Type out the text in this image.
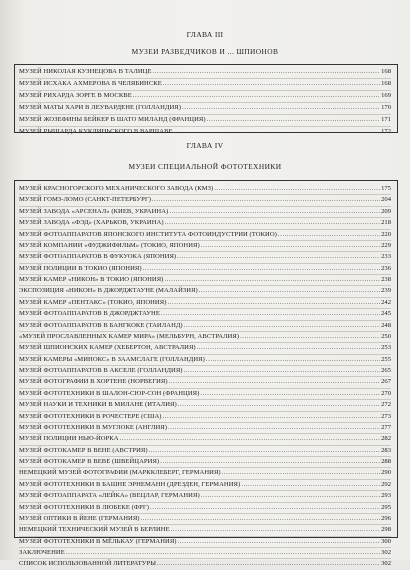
ГЛАВА III
МУЗЕИ РАЗВЕДЧИКОВ И ... ШПИОНОВ
МУЗЕЙ НИКОЛАЯ КУЗНЕЦОВА В ТАЛИЦЕ .....	168
МУЗЕЙ ИСХАКА АХМЕРОВА В ЧЕЛЯБИНСКЕ .....	168
МУЗЕЙ РИХАРДА ЗОРГЕ В МОСКВЕ .....	169
МУЗЕЙ МАТЫ ХАРИ В ЛЕУВАРДЕНЕ (ГОЛЛАНДИЯ) .....	170
МУЗЕЙ ЖОЗЕФИНЫ БЕЙКЕР В ШАТО МИЛАНД (ФРАНЦИЯ) .....	171
МУЗЕЙ РЫШАРДА КУКЛИНЬСКОГО В ВАРШАВЕ .....	172
ГЛАВА IV
МУЗЕИ СПЕЦИАЛЬНОЙ ФОТОТЕХНИКИ
МУЗЕЙ КРАСНОГОРСКОГО МЕХАНИЧЕСКОГО ЗАВОДА (КМЗ) .....	175
МУЗЕЙ ГОМЗ-ЛОМО (САНКТ-ПЕТЕРБУРГ) .....	204
МУЗЕЙ ЗАВОДА «АРСЕНАЛ» (КИЕВ, УКРАИНА) .....	209
МУЗЕЙ ЗАВОДА «ФЭД» (ХАРЬКОВ, УКРАИНА) .....	218
МУЗЕЙ ФОТОАППАРАТОВ ЯПОНСКОГО ИНСТИТУТА ФОТОИНДУСТРИИ (ТОКИО) .....	220
МУЗЕЙ КОМПАНИИ «ФУДЖИФИЛЬМ» (ТОКИО, ЯПОНИЯ) .....	229
МУЗЕЙ ФОТОАППАРАТОВ В ФУКУОКА (ЯПОНИЯ) .....	233
МУЗЕЙ ПОЛИЦИИ В ТОКИО (ЯПОНИЯ) .....	236
МУЗЕЙ КАМЕР «НИКОН» В ТОКИО (ЯПОНИЯ) .....	238
ЭКСПОЗИЦИЯ «НИКОН» В ДЖОРДЖТАУНЕ (МАЛАЙЗИЯ) .....	239
МУЗЕЙ КАМЕР «ПЕНТАКС» (ТОКИО, ЯПОНИЯ) .....	242
МУЗЕЙ ФОТОАППАРАТОВ В ДЖОРДЖТАУНЕ .....	245
МУЗЕЙ ФОТОАППАРАТОВ В БАНГКОКЕ (ТАИЛАНД) .....	248
«МУЗЕЙ ПРОСЛАВЛЕННЫХ КАМЕР МИРА» (МЕЛЬБУРН, АВСТРАЛИЯ) .....	250
МУЗЕЙ ШПИОНСКИХ КАМЕР (ХЕБЕРТОН, АВСТРАЛИЯ) .....	253
МУЗЕЙ КАМЕРЫ «МИНОКС» В ЗААМСЛАГЕ (ГОЛЛАНДИЯ) .....	255
МУЗЕЙ ФОТОАППАРАТОВ В АКСЕЛЕ (ГОЛЛАНДИЯ) .....	265
МУЗЕЙ ФОТОГРАФИИ В ХОРТЕНЕ (НОРВЕГИЯ) .....	267
МУЗЕЙ ФОТОТЕХНИКИ В ШАЛОН-СЮР-СОН (ФРАНЦИЯ) .....	270
МУЗЕЙ НАУКИ И ТЕХНИКИ В МИЛАНЕ (ИТАЛИЯ) .....	272
МУЗЕЙ ФОТОТЕХНИКИ В РОЧЕСТЕРЕ (США) .....	273
МУЗЕЙ ФОТОТЕХНИКИ В МУГЛОКЕ (АНГЛИЯ) .....	277
МУЗЕЙ ПОЛИЦИИ НЬЮ-ЙОРКА .....	282
МУЗЕЙ ФОТОКАМЕР В ВЕНЕ (АВСТРИЯ) .....	283
МУЗЕЙ ФОТОКАМЕР В ВЕВЕ (ШВЕЙЦАРИЯ) .....	288
НЕМЕЦКИЙ МУЗЕЙ ФОТОГРАФИИ (МАРККЛЕБЕРГ, ГЕРМАНИЯ) .....	290
МУЗЕЙ ФОТОТЕХНИКИ В БАШНЕ ЭРНЕМАНН (ДРЕЗДЕН, ГЕРМАНИЯ) .....	292
МУЗЕЙ ФОТОАППАРАТА «ЛЕЙКА» (ВЕЦЛАР, ГЕРМАНИЯ) .....	293
МУЗЕЙ ФОТОТЕХНИКИ В ЛЮБЕКЕ (ФРГ) .....	295
МУЗЕЙ ОПТИКИ В ЙЕНЕ (ГЕРМАНИЯ) .....	296
НЕМЕЦКИЙ ТЕХНИЧЕСКИЙ МУЗЕЙ В БЕРЛИНЕ .....	298
МУЗЕЙ ФОТОТЕХНИКИ В МЁЛЬКАУ (ГЕРМАНИЯ) .....	300
ЗАКЛЮЧЕНИЕ .....	302
СПИСОК ИСПОЛЬЗОВАННОЙ ЛИТЕРАТУРЫ .....	302
